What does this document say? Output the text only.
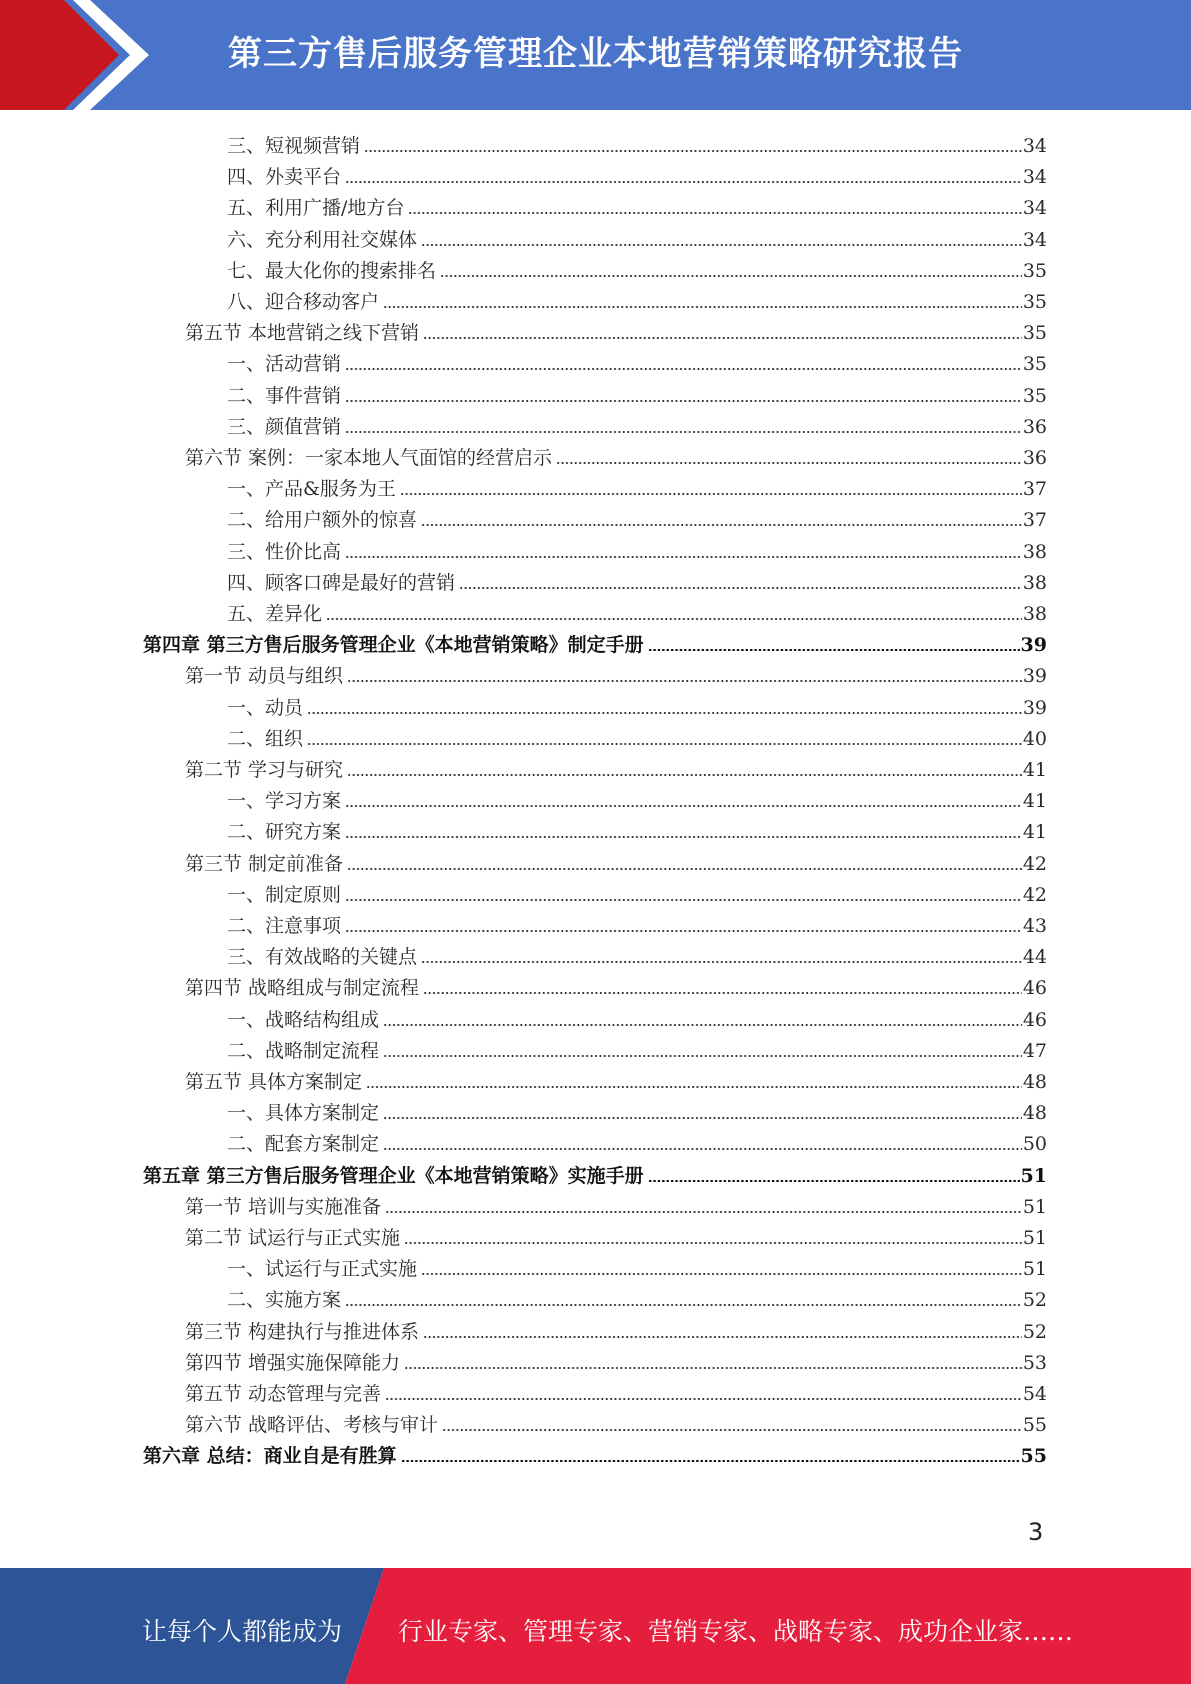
第三方售后服务管理企业本地营销策略研究报告
三、短视频营销	34
四、外卖平台	34
五、利用广播/地方台	34
六、充分利用社交媒体	34
七、最大化你的搜索排名	35
八、迎合移动客户	35
第五节 本地营销之线下营销	35
一、活动营销	35
二、事件营销	35
三、颜值营销	36
第六节 案例：一家本地人气面馆的经营启示	36
一、产品&服务为王	37
二、给用户额外的惊喜	37
三、性价比高	38
四、顾客口碑是最好的营销	38
五、差异化	38
第四章 第三方售后服务管理企业《本地营销策略》制定手册	39
第一节 动员与组织	39
一、动员	39
二、组织	40
第二节 学习与研究	41
一、学习方案	41
二、研究方案	41
第三节 制定前准备	42
一、制定原则	42
二、注意事项	43
三、有效战略的关键点	44
第四节 战略组成与制定流程	46
一、战略结构组成	46
二、战略制定流程	47
第五节 具体方案制定	48
一、具体方案制定	48
二、配套方案制定	50
第五章 第三方售后服务管理企业《本地营销策略》实施手册	51
第一节 培训与实施准备	51
第二节 试运行与正式实施	51
一、试运行与正式实施	51
二、实施方案	52
第三节 构建执行与推进体系	52
第四节 增强实施保障能力	53
第五节 动态管理与完善	54
第六节 战略评估、考核与审计	55
第六章 总结：商业自是有胜算	55
3
让每个人都能成为 行业专家、管理专家、营销专家、战略专家、成功企业家……
